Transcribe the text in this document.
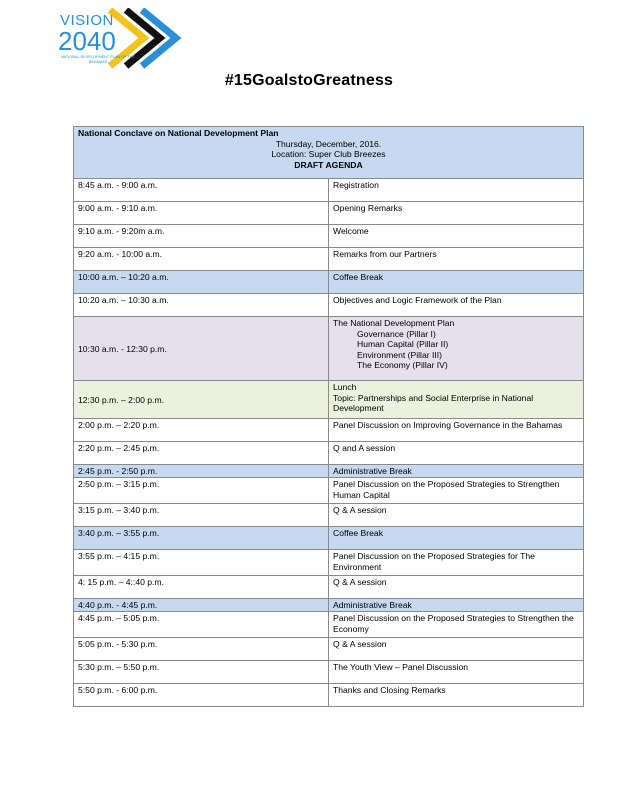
VISION
2040
NATIONAL DEVELOPMENT PLAN OF THE BAHAMAS
#15GoalstoGreatness
National Conclave on National Development Plan
Thursday, December, 2016.
Location: Super Club Breezes
DRAFT AGENDA	

8:45 a.m. - 9:00 a.m.	Registration
9:00 a.m. - 9:10 a.m.	Opening Remarks
9:10 a.m. - 9:20m a.m.	Welcome
9:20 a.m. - 10:00 a.m.	Remarks from our Partners
10:00 a.m. – 10:20 a.m.	Coffee Break
10:20 a.m. – 10:30 a.m.	Objectives and Logic Framework of the Plan
10:30 a.m. - 12:30 p.m.	The National Development Plan
Governance (Pillar I)
Human Capital (Pillar II)
Environment (Pillar III)
The Economy (Pillar IV)

12:30 p.m. – 2:00 p.m.	Lunch
Topic: Partnerships and Social Enterprise in National Development

2:00 p.m. – 2:20 p.m.	Panel Discussion on Improving Governance in the Bahamas
2:20 p.m. – 2:45 p.m.	Q and A session
2:45 p.m. - 2:50 p.m.	Administrative Break
2:50 p.m. – 3:15 p.m.	Panel Discussion on the Proposed Strategies to Strengthen Human Capital
3:15 p.m. – 3:40 p.m.	Q & A session
3:40 p.m. – 3:55 p.m.	Coffee Break
3:55 p.m. – 4:15 p.m.	Panel Discussion on the Proposed Strategies for The Environment
4: 15 p.m. – 4::40 p.m.	Q & A session
4:40 p.m. - 4:45 p.m.	Administrative Break
4:45 p.m. – 5:05 p.m.	Panel Discussion on the Proposed Strategies to Strengthen the Economy
5:05 p.m. - 5:30 p.m.	Q & A session
5:30 p.m. – 5:50 p.m.	The Youth View – Panel Discussion
5:50 p.m. - 6:00 p.m.	Thanks and Closing Remarks
